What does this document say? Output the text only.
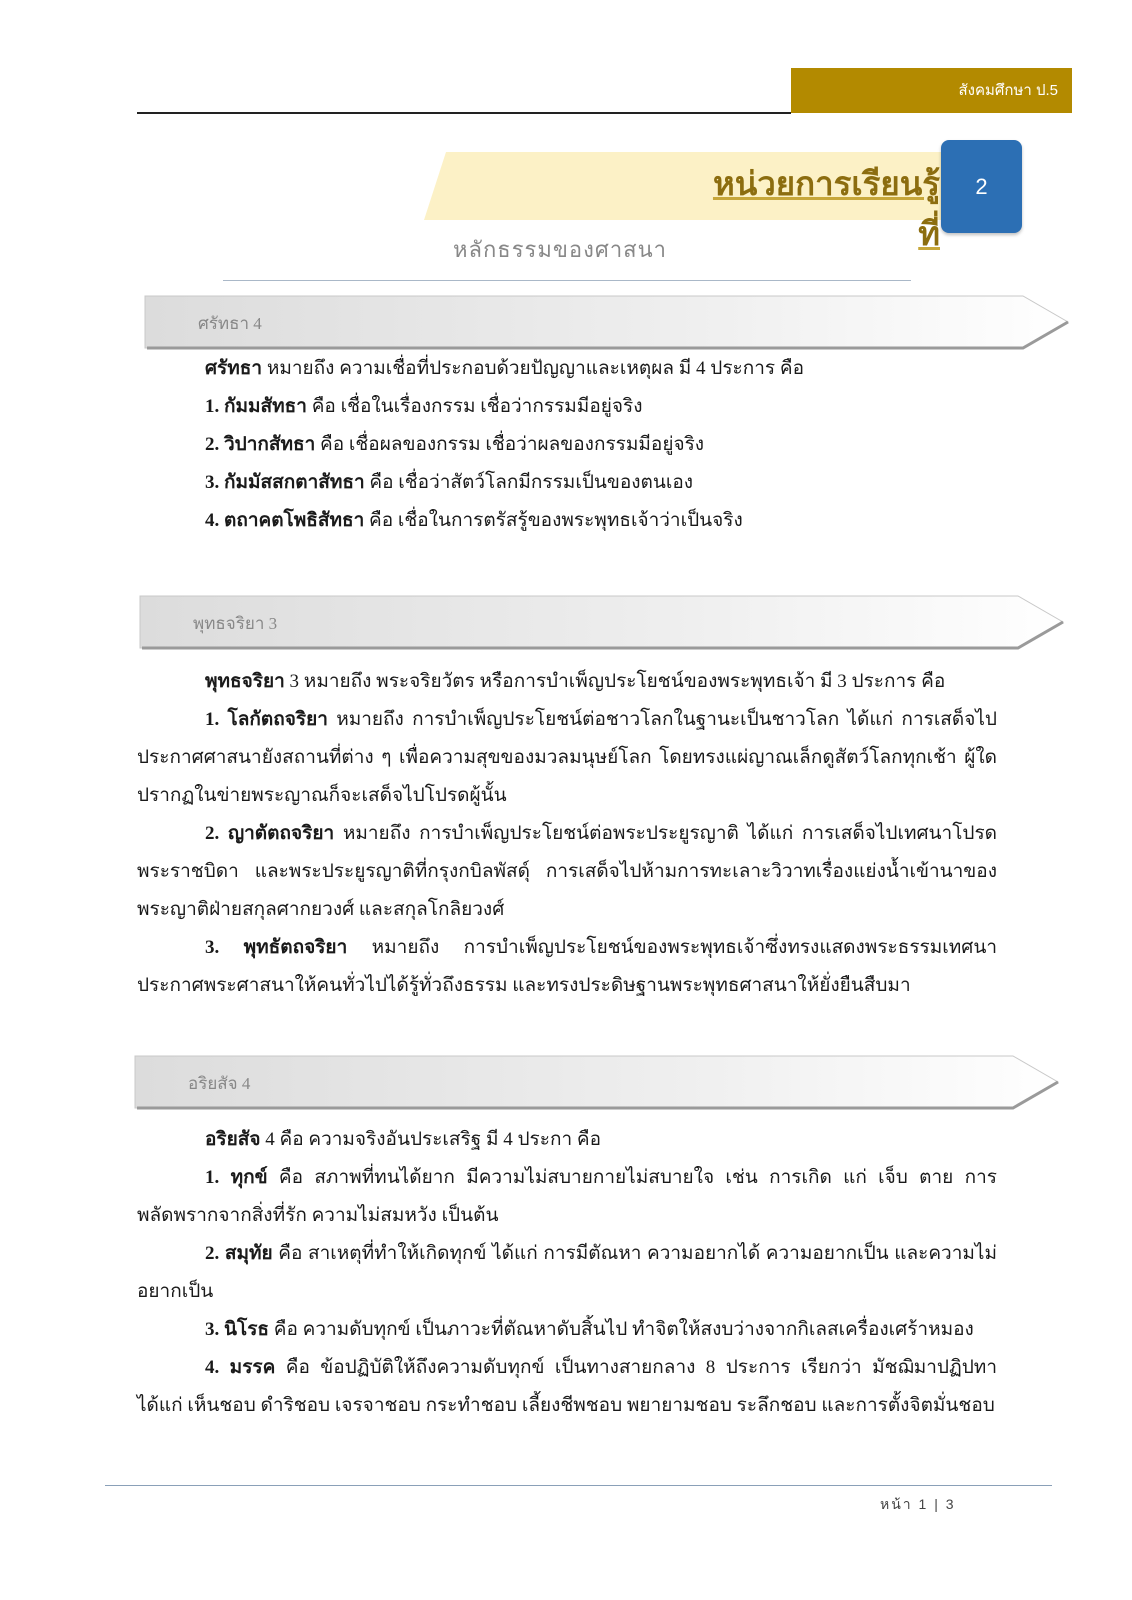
สังคมศึกษา ป.5
หน่วยการเรียนรู้ที่
2
หลักธรรมของศาสนา
ศรัทธา 4
ศรัทธา หมายถึง ความเชื่อที่ประกอบด้วยปัญญาและเหตุผล มี 4 ประการ คือ
1. กัมมสัทธา คือ เชื่อในเรื่องกรรม เชื่อว่ากรรมมีอยู่จริง
2. วิปากสัทธา คือ เชื่อผลของกรรม เชื่อว่าผลของกรรมมีอยู่จริง
3. กัมมัสสกตาสัทธา คือ เชื่อว่าสัตว์โลกมีกรรมเป็นของตนเอง
4. ตถาคตโพธิสัทธา คือ เชื่อในการตรัสรู้ของพระพุทธเจ้าว่าเป็นจริง
พุทธจริยา 3
พุทธจริยา 3 หมายถึง พระจริยวัตร หรือการบำเพ็ญประโยชน์ของพระพุทธเจ้า มี 3 ประการ คือ
1. โลกัตถจริยา หมายถึง การบำเพ็ญประโยชน์ต่อชาวโลกในฐานะเป็นชาวโลก ได้แก่ การเสด็จไปประกาศศาสนายังสถานที่ต่าง ๆ เพื่อความสุขของมวลมนุษย์โลก โดยทรงแผ่ญาณเล็กดูสัตว์โลกทุกเช้า ผู้ใดปรากฏในข่ายพระญาณก็จะเสด็จไปโปรดผู้นั้น
2. ญาตัตถจริยา หมายถึง การบำเพ็ญประโยชน์ต่อพระประยูรญาติ ได้แก่ การเสด็จไปเทศนาโปรดพระราชบิดา และพระประยูรญาติที่กรุงกบิลพัสดุ์ การเสด็จไปห้ามการทะเลาะวิวาทเรื่องแย่งน้ำเข้านาของพระญาติฝ่ายสกุลศากยวงศ์ และสกุลโกลิยวงศ์
3. พุทธัตถจริยา หมายถึง การบำเพ็ญประโยชน์ของพระพุทธเจ้าซึ่งทรงแสดงพระธรรมเทศนาประกาศพระศาสนาให้คนทั่วไปได้รู้ทั่วถึงธรรม และทรงประดิษฐานพระพุทธศาสนาให้ยั่งยืนสืบมา
อริยสัจ 4
อริยสัจ 4 คือ ความจริงอันประเสริฐ มี 4 ประกา คือ
1. ทุกข์ คือ สภาพที่ทนได้ยาก มีความไม่สบายกายไม่สบายใจ เช่น การเกิด แก่ เจ็บ ตาย การพลัดพรากจากสิ่งที่รัก ความไม่สมหวัง เป็นต้น
2. สมุทัย คือ สาเหตุที่ทำให้เกิดทุกข์ ได้แก่ การมีตัณหา ความอยากได้ ความอยากเป็น และความไม่อยากเป็น
3. นิโรธ คือ ความดับทุกข์ เป็นภาวะที่ตัณหาดับสิ้นไป ทำจิตให้สงบว่างจากกิเลสเครื่องเศร้าหมอง
4. มรรค คือ ข้อปฏิบัติให้ถึงความดับทุกข์ เป็นทางสายกลาง 8 ประการ เรียกว่า มัชฌิมาปฏิปทา ได้แก่ เห็นชอบ ดำริชอบ เจรจาชอบ กระทำชอบ เลี้ยงชีพชอบ พยายามชอบ ระลึกชอบ และการตั้งจิตมั่นชอบ
หน้า 1 | 3
